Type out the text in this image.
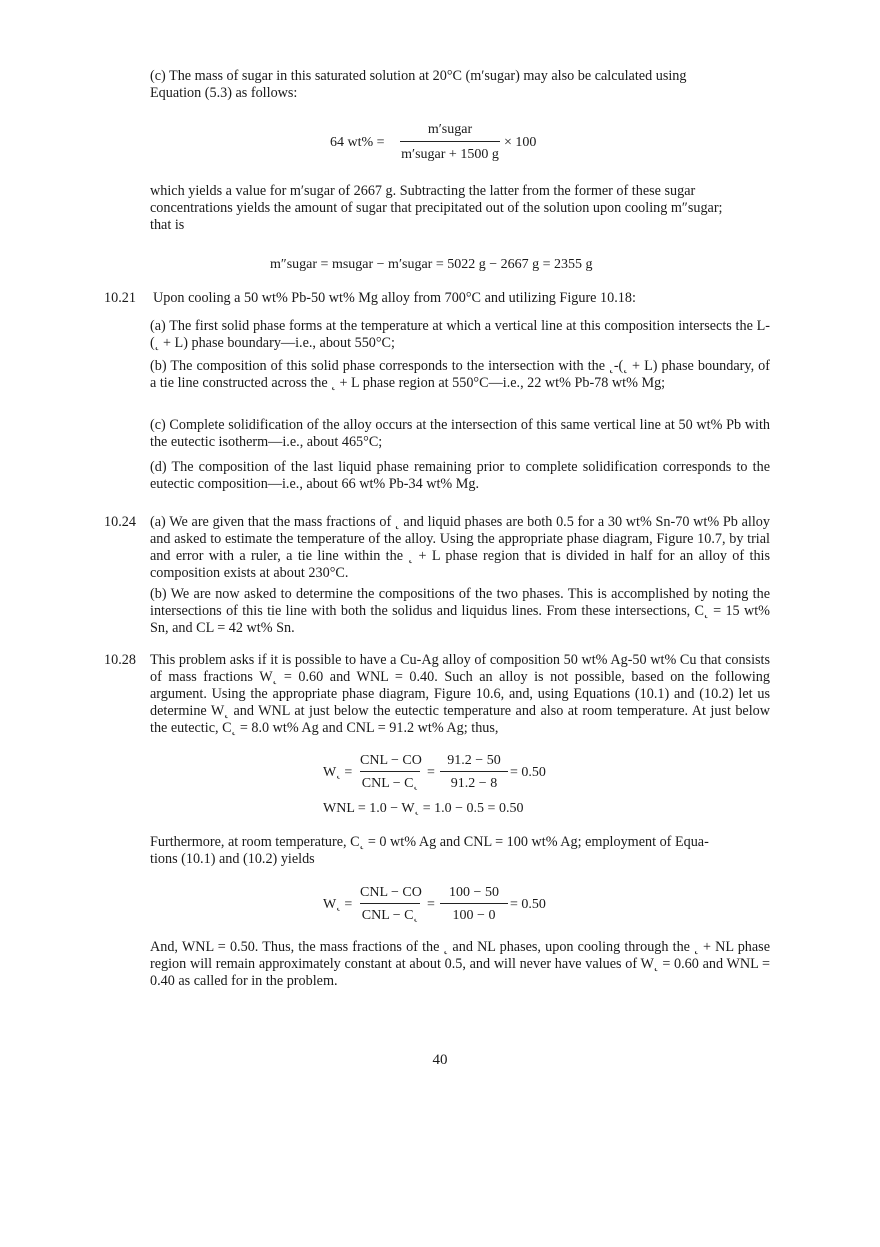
(c) The mass of sugar in this saturated solution at 20°C (m′sugar) may also be calculated using
Equation (5.3) as follows:
64 wt% =
m′sugar
m′sugar + 1500 g
× 100
which yields a value for m′sugar of 2667 g. Subtracting the latter from the former of these sugar
concentrations yields the amount of sugar that precipitated out of the solution upon cooling m″sugar;
that is
m″sugar = msugar − m′sugar = 5022 g − 2667 g = 2355 g
10.21 Upon cooling a 50 wt% Pb-50 wt% Mg alloy from 700°C and utilizing Figure 10.18:
(a) The first solid phase forms at the temperature at which a vertical line at this composition intersects the L-(˛ + L) phase boundary—i.e., about 550°C;
(b) The composition of this solid phase corresponds to the intersection with the ˛-(˛ + L) phase boundary, of a tie line constructed across the ˛ + L phase region at 550°C—i.e., 22 wt% Pb-78 wt% Mg;
(c) Complete solidification of the alloy occurs at the intersection of this same vertical line at 50 wt% Pb with the eutectic isotherm—i.e., about 465°C;
(d) The composition of the last liquid phase remaining prior to complete solidification corresponds to the eutectic composition—i.e., about 66 wt% Pb-34 wt% Mg.
10.24 (a) We are given that the mass fractions of ˛ and liquid phases are both 0.5 for a 30 wt% Sn-70 wt% Pb alloy and asked to estimate the temperature of the alloy. Using the appropriate phase diagram, Figure 10.7, by trial and error with a ruler, a tie line within the ˛ + L phase region that is divided in half for an alloy of this composition exists at about 230°C.
(b) We are now asked to determine the compositions of the two phases. This is accomplished by noting the intersections of this tie line with both the solidus and liquidus lines. From these intersections, C˛ = 15 wt% Sn, and CL = 42 wt% Sn.
10.28 This problem asks if it is possible to have a Cu-Ag alloy of composition 50 wt% Ag-50 wt% Cu that consists of mass fractions W˛ = 0.60 and WNL = 0.40. Such an alloy is not possible, based on the following argument. Using the appropriate phase diagram, Figure 10.6, and, using Equations (10.1) and (10.2) let us determine W˛ and WNL at just below the eutectic temperature and also at room temperature. At just below the eutectic, C˛ = 8.0 wt% Ag and CNL = 91.2 wt% Ag; thus,
W˛ =
CNL − CO
CNL − C˛
=
91.2 − 50
91.2 − 8
= 0.50
WNL = 1.0 − W˛ = 1.0 − 0.5 = 0.50
Furthermore, at room temperature, C˛ = 0 wt% Ag and CNL = 100 wt% Ag; employment of Equa-
tions (10.1) and (10.2) yields
W˛ =
CNL − CO
CNL − C˛
=
100 − 50
100 − 0
= 0.50
And, WNL = 0.50. Thus, the mass fractions of the ˛ and NL phases, upon cooling through the ˛ + NL phase region will remain approximately constant at about 0.5, and will never have values of W˛ = 0.60 and WNL = 0.40 as called for in the problem.
40
